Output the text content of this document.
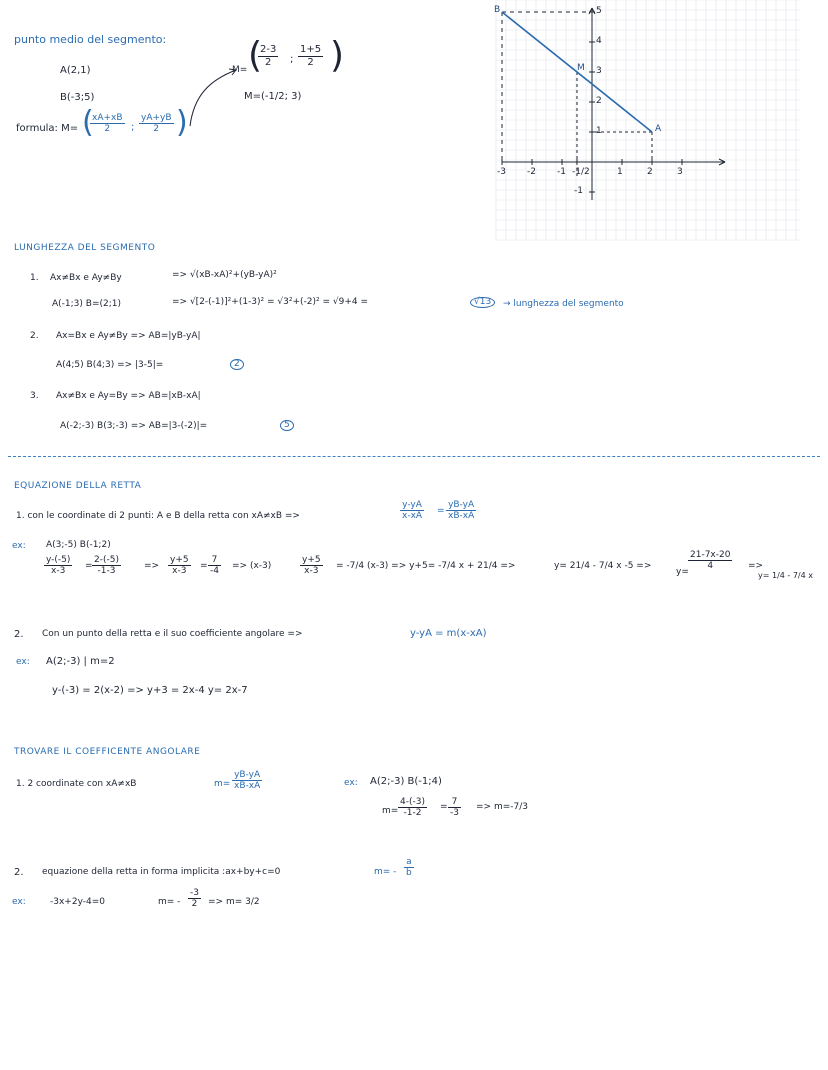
A
B
M
-3 -2 -1 -1/2	1	2	3
5
4
3
2
1
-1
punto medio del segmento:
A(2,1)
B(-3;5)
formula: M= (
$\frac{xA+xB}{2}$ ; $\frac{yA+yB}{2}$ )
M= (
$\frac{2-3}{2}$ ; $\frac{1+5}{2}$ )
M=(-1/2; 3)
LUNGHEZZA DEL SEGMENTO
1. Ax≠Bx e Ay≠By	=> √(xB-xA)²+(yB-yA)²
A(-1;3) B=(2;1)	=> √[2-(-1)]²+(1-3)² = √3²+(-2)² = √9+4 =	√13	→ lunghezza del segmento
2. Ax=Bx e Ay≠By => AB=|yB-yA|
A(4;5) B(4;3) => |3-5|=	2
3. Ax≠Bx e Ay=By => AB=|xB-xA|
A(-2;-3) B(3;-3) => AB=|3-(-2)|=	5
EQUAZIONE DELLA RETTA
1. con le coordinate di 2 punti: A e B della retta con xA≠xB =>	$\frac{y-yA}{x-xA} = \frac{yB-yA}{xB-xA}$
ex: A(3;-5) B(-1;2)
$\frac{y-(-5)}{x-3} = \frac{2-(-5)}{-1-3}$	=> $\frac{y+5}{x-3} = \frac{7}{-4} => (x-3)$	$\frac{y+5}{x-3} = -7/4$ (x-3) => y+5= -7/4 x + 21/4 =>	y= 21/4 - 7/4 x -5 =>
y=
$\frac{21-7x-20}{4}$ =>
y= 1/4 - 7/4 x
2. Con un punto della retta e il suo coefficiente angolare =>	y-yA = m(x-xA)
ex: A(2;-3) | m=2
y-(-3) = 2(x-2) => y+3 = 2x-4 y= 2x-7
TROVARE IL COEFFICENTE ANGOLARE
1. 2 coordinate con xA≠xB	$m= \frac{yB-yA}{xB-xA}$	ex: A(2;-3) B(-1;4)
$m= \frac{4-(-3)}{-1-2} = \frac{7}{-3} => m=-7/3$
2. equazione della retta in forma implicita :ax+by+c=0	$m= - \frac{a}{b}$
ex:	-3x+2y-4=0	$m= - \frac{-3}{2} => m= 3/2$
